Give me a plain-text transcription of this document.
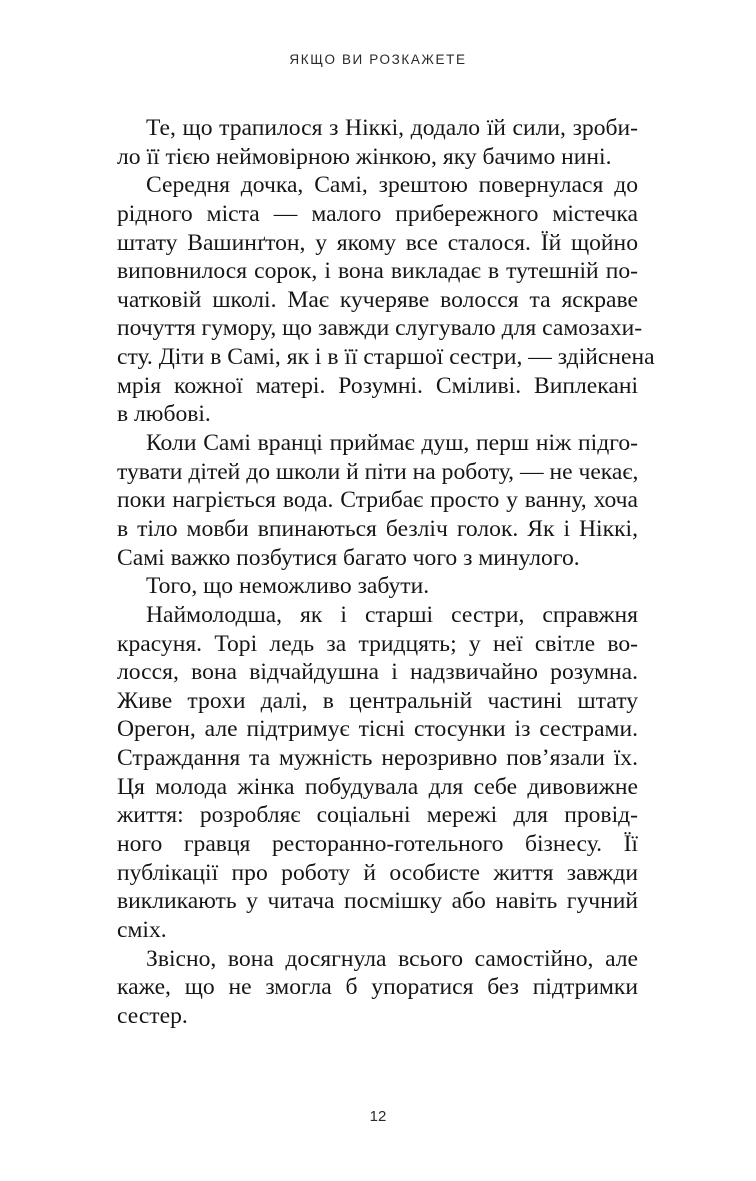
ЯКЩО ВИ РОЗКАЖЕТЕ
Те, що трапилося з Ніккі, додало їй сили, зроби-
ло її тією неймовірною жінкою, яку бачимо нині.
Середня дочка, Самі, зрештою повернулася до
рідного міста — малого прибережного містечка
штату Вашинґтон, у якому все сталося. Їй щойно
виповнилося сорок, і вона викладає в тутешній по-
чатковій школі. Має кучеряве волосся та яскраве
почуття гумору, що завжди слугувало для самозахи-
сту. Діти в Самі, як і в її старшої сестри, — здійснена
мрія кожної матері. Розумні. Сміливі. Виплекані
в любові.
Коли Самі вранці приймає душ, перш ніж підго-
тувати дітей до школи й піти на роботу, — не чекає,
поки нагріється вода. Стрибає просто у ванну, хоча
в тіло мовби впинаються безліч голок. Як і Ніккі,
Самі важко позбутися багато чого з минулого.
Того, що неможливо забути.
Наймолодша, як і старші сестри, справжня
красуня. Торі ледь за тридцять; у неї світле во-
лосся, вона відчайдушна і надзвичайно розумна.
Живе трохи далі, в центральній частині штату
Орегон, але підтримує тісні стосунки із сестрами.
Страждання та мужність нерозривно пов’язали їх.
Ця молода жінка побудувала для себе дивовижне
життя: розробляє соціальні мережі для провід-
ного гравця ресторанно-готельного бізнесу. Її
публікації про роботу й особисте життя завжди
викликають у читача посмішку або навіть гучний
сміх.
Звісно, вона досягнула всього самостійно, але
каже, що не змогла б упоратися без підтримки
сестер.
12
